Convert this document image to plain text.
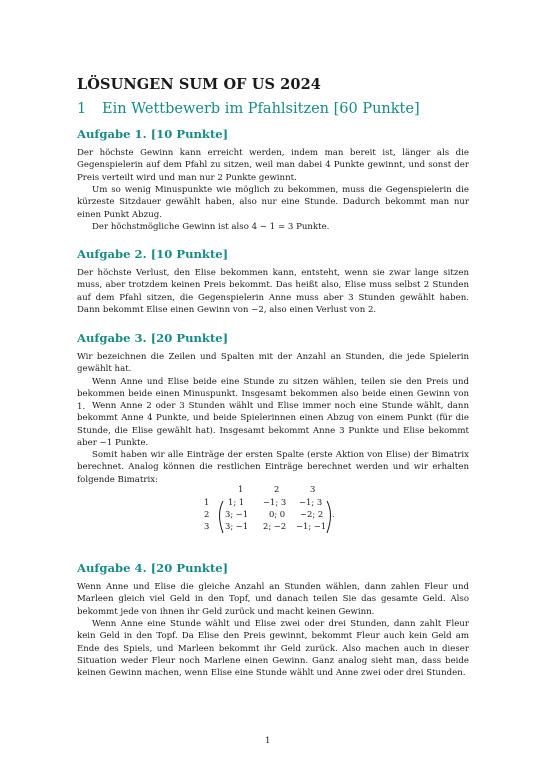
LÖSUNGEN SUM OF US 2024
1 Ein Wettbewerb im Pfahlsitzen [60 Punkte]
Aufgabe 1. [10 Punkte]
Der höchste Gewinn kann erreicht werden, indem man bereit ist, länger als die Gegenspielerin auf dem Pfahl zu sitzen, weil man dabei 4 Punkte gewinnt, und sonst der Preis verteilt wird und man nur 2 Punkte gewinnt.
Um so wenig Minuspunkte wie möglich zu bekommen, muss die Gegenspielerin die kürzeste Sitzdauer gewählt haben, also nur eine Stunde. Dadurch bekommt man nur einen Punkt Abzug.
Der höchstmögliche Gewinn ist also 4 − 1 = 3 Punkte.
Aufgabe 2. [10 Punkte]
Der höchste Verlust, den Elise bekommen kann, entsteht, wenn sie zwar lange sitzen muss, aber trotzdem keinen Preis bekommt. Das heißt also, Elise muss selbst 2 Stunden auf dem Pfahl sitzen, die Gegenspielerin Anne muss aber 3 Stunden gewählt haben. Dann bekommt Elise einen Gewinn von −2, also einen Verlust von 2.
Aufgabe 3. [20 Punkte]
Wir bezeichnen die Zeilen und Spalten mit der Anzahl an Stunden, die jede Spielerin gewählt hat.
Wenn Anne und Elise beide eine Stunde zu sitzen wählen, teilen sie den Preis und bekommen beide einen Minuspunkt. Insgesamt bekommen also beide einen Gewinn von 1. Wenn Anne 2 oder 3 Stunden wählt und Elise immer noch eine Stunde wählt, dann bekommt Anne 4 Punkte, und beide Spielerinnen einen Abzug von einem Punkt (für die Stunde, die Elise gewählt hat). Insgesamt bekommt Anne 3 Punkte und Elise bekommt aber −1 Punkte.
Somit haben wir alle Einträge der ersten Spalte (erste Aktion von Elise) der Bimatrix berechnet. Analog können die restlichen Einträge berechnet werden und wir erhalten folgende Bimatrix:
1	2	3
1
2
3
1; 1 −1; 3 −1; 3
3; −1 0; 0 −2; 2
3; −1 2; −2 −1; −1
.
Aufgabe 4. [20 Punkte]
Wenn Anne und Elise die gleiche Anzahl an Stunden wählen, dann zahlen Fleur und Marleen gleich viel Geld in den Topf, und danach teilen Sie das gesamte Geld. Also bekommt jede von ihnen ihr Geld zurück und macht keinen Gewinn.
Wenn Anne eine Stunde wählt und Elise zwei oder drei Stunden, dann zahlt Fleur kein Geld in den Topf. Da Elise den Preis gewinnt, bekommt Fleur auch kein Geld am Ende des Spiels, und Marleen bekommt ihr Geld zurück. Also machen auch in dieser Situation weder Fleur noch Marlene einen Gewinn. Ganz analog sieht man, dass beide keinen Gewinn machen, wenn Elise eine Stunde wählt und Anne zwei oder drei Stunden.
1
